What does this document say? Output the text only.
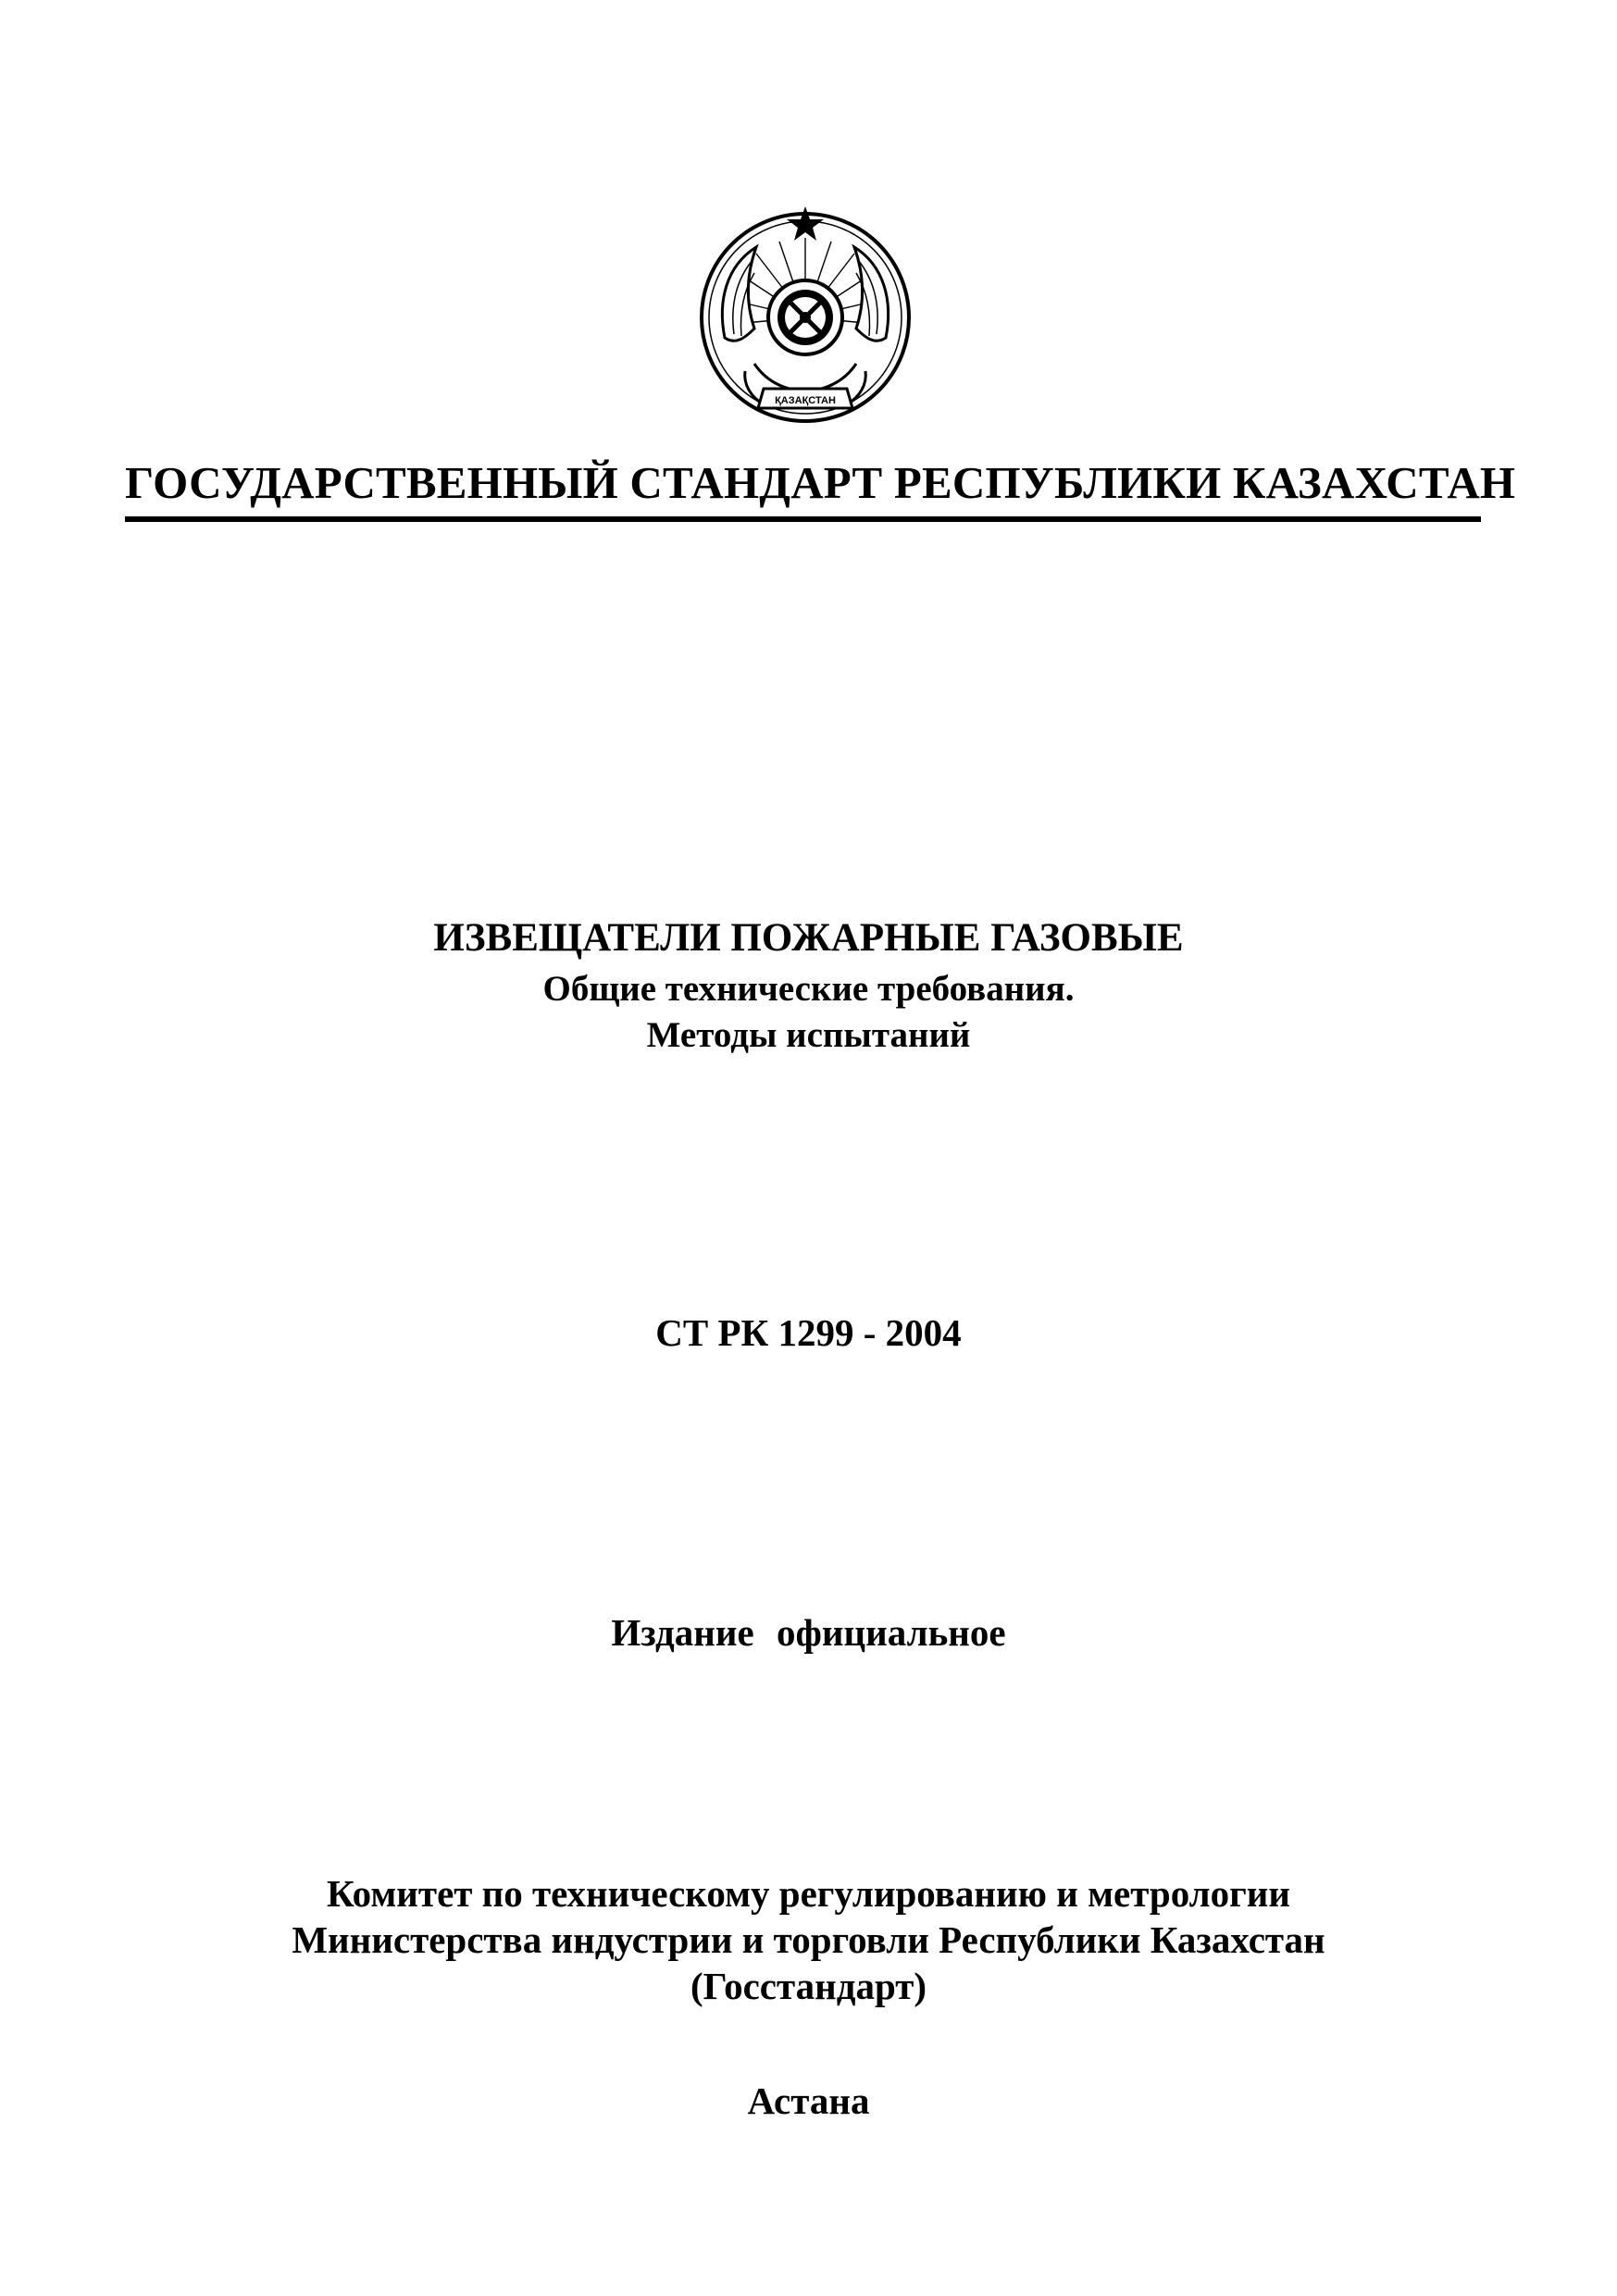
ҚАЗАҚСТАН
ГОСУДАРСТВЕННЫЙ СТАНДАРТ РЕСПУБЛИКИ КАЗАХСТАН
ИЗВЕЩАТЕЛИ ПОЖАРНЫЕ ГАЗОВЫЕ
Общие технические требования.
Методы испытаний
СТ РК 1299 - 2004
Издание официальное
Комитет по техническому регулированию и метрологии
Министерства индустрии и торговли Республики Казахстан
(Госстандарт)
Астана
